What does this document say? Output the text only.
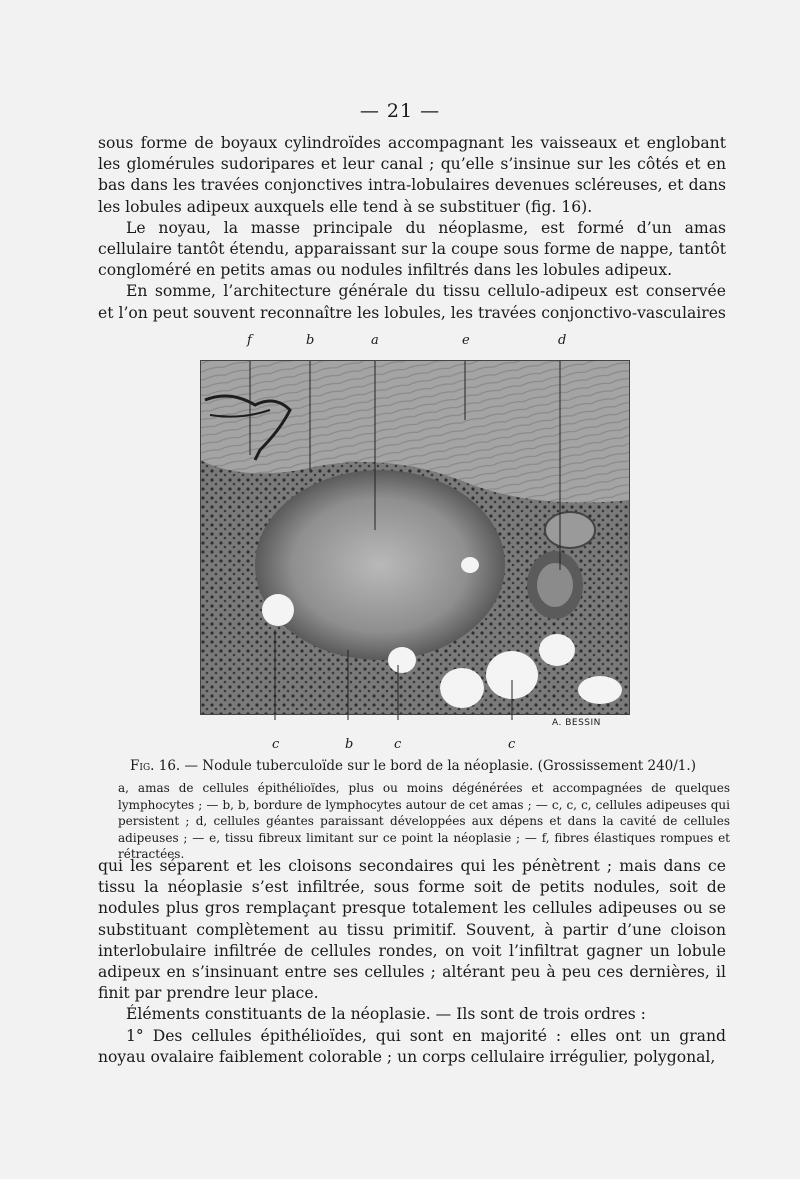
— 21 —

sous forme de boyaux cylindroïdes accompagnant les vaisseaux et englobant les glomérules sudoripares et leur canal ; qu’elle s’insinue sur les côtés et en bas dans les travées conjonctives intra-lobulaires devenues scléreuses, et dans les lobules adipeux auxquels elle tend à se substituer (fig. 16).

Le noyau, la masse principale du néoplasme, est formé d’un amas cellulaire tantôt étendu, apparaissant sur la coupe sous forme de nappe, tantôt congloméré en petits amas ou nodules infiltrés dans les lobules adipeux.

En somme, l’architecture générale du tissu cellulo-adipeux est conservée et l’on peut souvent reconnaître les lobules, les travées conjonctivo-vasculaires

f	b	a	e	d
c	b	c	c
A. BESSIN
Fig. 16. — Nodule tuberculoïde sur le bord de la néoplasie. (Grossissement 240/1.)
a, amas de cellules épithélioïdes, plus ou moins dégénérées et accompagnées de quelques lymphocytes ; — b, b, bordure de lymphocytes autour de cet amas ; — c, c, c, cellules adipeuses qui persistent ; d, cellules géantes paraissant développées aux dépens et dans la cavité de cellules adipeuses ; — e, tissu fibreux limitant sur ce point la néoplasie ; — f, fibres élastiques rompues et rétractées.

qui les séparent et les cloisons secondaires qui les pénètrent ; mais dans ce tissu la néoplasie s’est infiltrée, sous forme soit de petits nodules, soit de nodules plus gros remplaçant presque totalement les cellules adipeuses ou se substituant complètement au tissu primitif. Souvent, à partir d’une cloison interlobulaire infiltrée de cellules rondes, on voit l’infiltrat gagner un lobule adipeux en s’insinuant entre ses cellules ; altérant peu à peu ces dernières, il finit par prendre leur place.

Éléments constituants de la néoplasie. — Ils sont de trois ordres :

1° Des cellules épithélioïdes, qui sont en majorité : elles ont un grand noyau ovalaire faiblement colorable ; un corps cellulaire irrégulier, polygonal,
